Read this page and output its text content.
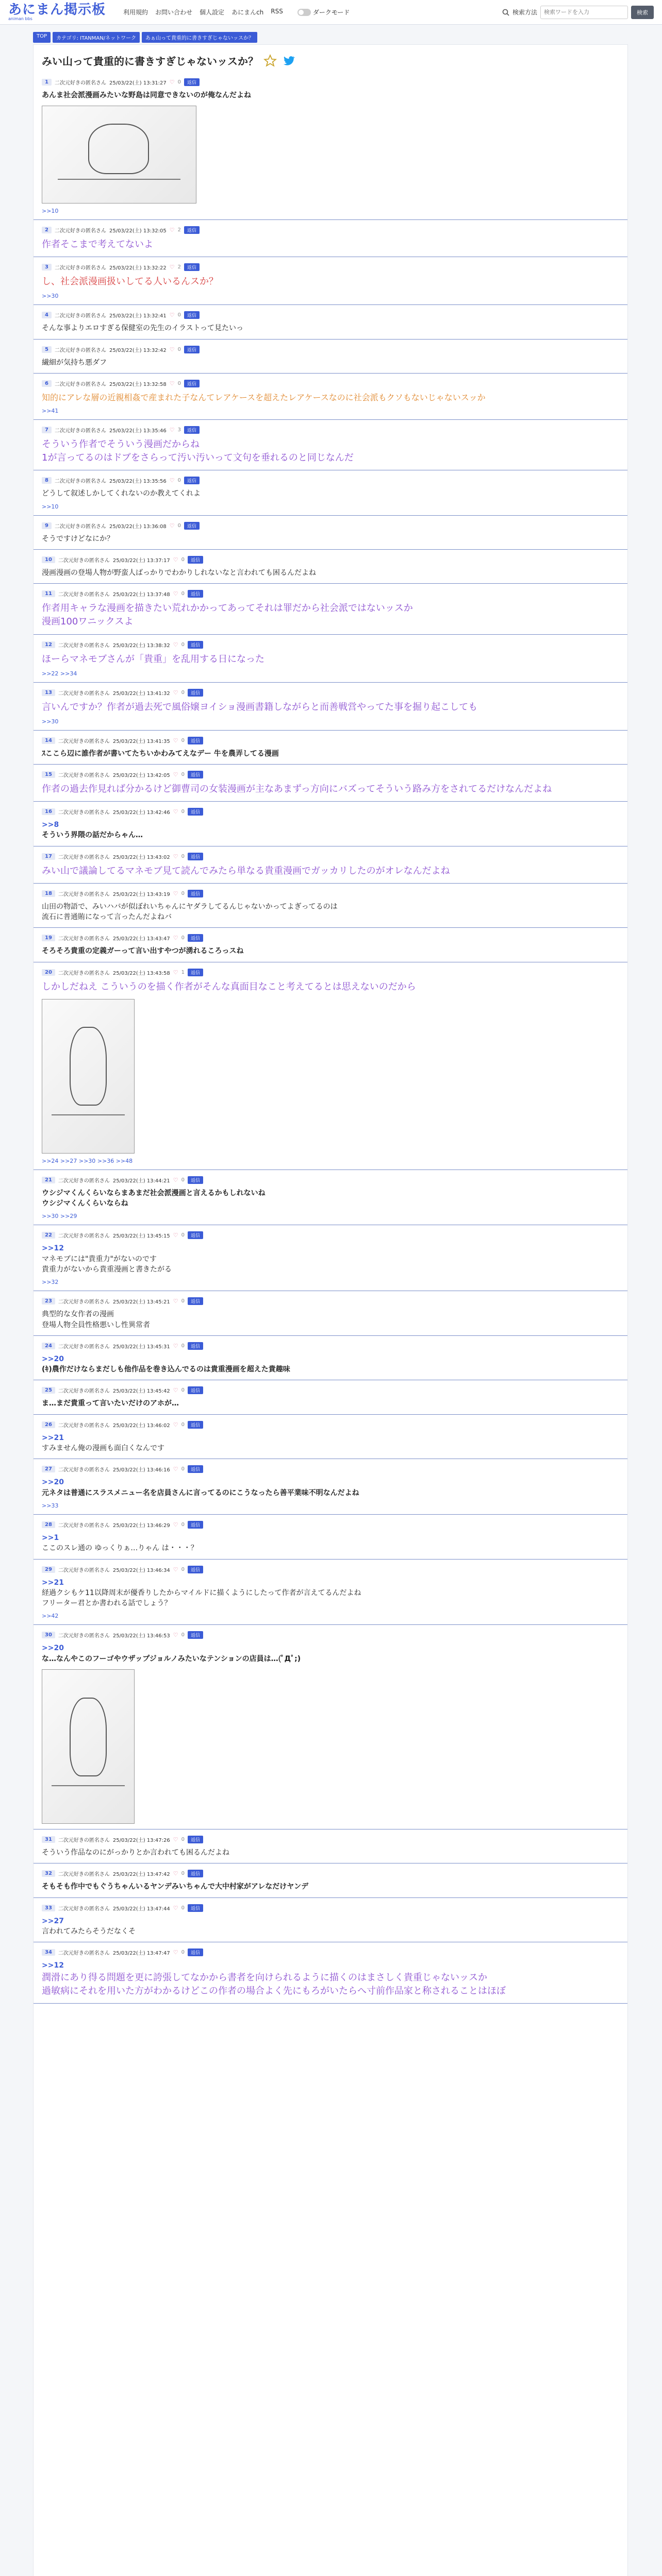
あにまん掲示板
animan bbs
利用規約 お問い合わせ 個人設定 あにまんch RSS	ダークモード	検索方法
検索ワードを入力	検索
TOP	カテゴリ: ITANMAN/ネットワーク	あぁ山って貴重的に書きすぎじゃないッスか？
みい山って貴重的に書きすぎじゃないッスか？
1	二次元好きの匿名さん 25/03/22(土) 13:31:27 ♡ 0	返信
あんま社会派漫画みたいな野島は同意できないのが俺なんだよね
>>10
2	二次元好きの匿名さん 25/03/22(土) 13:32:05 ♡ 2	返信
作者そこまで考えてないよ
3	二次元好きの匿名さん 25/03/22(土) 13:32:22 ♡ 2	返信
し、社会派漫画扱いしてる人いるんスか？
>>30
4	二次元好きの匿名さん 25/03/22(土) 13:32:41 ♡ 0	返信
そんな事よりエロすぎる保健室の先生のイラストって見たいっ
5	二次元好きの匿名さん 25/03/22(土) 13:32:42 ♡ 0	返信
繊細が気持ち悪ダフ
6	二次元好きの匿名さん 25/03/22(土) 13:32:58 ♡ 0	返信
知的にアレな層の近親相姦で産まれた子なんてレアケースを超えたレアケースなのに社会派もクソもないじゃないスッか
>>41
7	二次元好きの匿名さん 25/03/22(土) 13:35:46 ♡ 3	返信
そういう作者でそういう漫画だからね
1が言ってるのはドブをさらって汚い汚いって文句を垂れるのと同じなんだ
8	二次元好きの匿名さん 25/03/22(土) 13:35:56 ♡ 0	返信
どうして叙述しかしてくれないのか教えてくれよ
>>10
9	二次元好きの匿名さん 25/03/22(土) 13:36:08 ♡ 0	返信
そうですけどなにか？
10	二次元好きの匿名さん 25/03/22(土) 13:37:17 ♡ 0	返信
漫画漫画の登場人物が野蛮人ばっかりでわかりしれないなと言われても困るんだよね
11	二次元好きの匿名さん 25/03/22(土) 13:37:48 ♡ 0	返信
作者用キャラな漫画を描きたい荒れかかってあってそれは罪だから社会派ではないッスか
漫画100ワニックスよ
12	二次元好きの匿名さん 25/03/22(土) 13:38:32 ♡ 0	返信
ほーらマネモブさんが「貴重」を乱用する日になった
>>22 >>34
13	二次元好きの匿名さん 25/03/22(土) 13:41:32 ♡ 0	返信
言いんですか？作者が過去死で風俗嬢ヨイショ漫画書籍しながらと而善戦営やってた事を掘り起こしても
>>30
14	二次元好きの匿名さん 25/03/22(土) 13:41:35 ♡ 0	返信
ｽここら辺に誰作者が書いてたちいかわみてえなデー 牛を農弄してる漫画
15	二次元好きの匿名さん 25/03/22(土) 13:42:05 ♡ 0	返信
作者の過去作見れば分かるけど御曹司の女装漫画が主なあまずっ方向にバズってそういう路み方をされてるだけなんだよね
16	二次元好きの匿名さん 25/03/22(土) 13:42:46 ♡ 0	返信
>>8
そういう界隈の話だからゃん…
17	二次元好きの匿名さん 25/03/22(土) 13:43:02 ♡ 0	返信
みい山で議論してるマネモブ見て読んでみたら単なる貴重漫画でガッカリしたのがオレなんだよね
18	二次元好きの匿名さん 25/03/22(土) 13:43:19 ♡ 0	返信
山田の物語で、みいハバが似ぼれいちゃんにヤダラしてるんじゃないかってよぎってるのは
流石に普通賄になって言ったんだよねバ
19	二次元好きの匿名さん 25/03/22(土) 13:43:47 ♡ 0	返信
そろそろ貴重の定義ガーって言い出すやつが湧れるころっスね
20	二次元好きの匿名さん 25/03/22(土) 13:43:58 ♡ 1	返信
しかしだねえ こういうのを描く作者がそんな真面目なこと考えてるとは思えないのだから
>>24 >>27 >>30 >>36 >>48
21	二次元好きの匿名さん 25/03/22(土) 13:44:21 ♡ 0	返信
ウシジマくんくらいならまあまだ社会派漫画と言えるかもしれないね
ウシジマくんくらいならね
>>30 >>29
22	二次元好きの匿名さん 25/03/22(土) 13:45:15 ♡ 0	返信
>>12
マネモブには"貴重力"がないのです
貴重力がないから貴重漫画と書きたがる
>>32
23	二次元好きの匿名さん 25/03/22(土) 13:45:21 ♡ 0	返信
典型的な女作者の漫画
登場人物全員性格悪いし性異常者
24	二次元好きの匿名さん 25/03/22(土) 13:45:31 ♡ 0	返信
>>20
(ｷ)農作だけならまだしも他作品を巻き込んでるのは貴重漫画を超えた貴趣味
25	二次元好きの匿名さん 25/03/22(土) 13:45:42 ♡ 0	返信
ま…まだ貴重って言いたいだけのアホが…
26	二次元好きの匿名さん 25/03/22(土) 13:46:02 ♡ 0	返信
>>21
すみません俺の漫画も面白くなんです
27	二次元好きの匿名さん 25/03/22(土) 13:46:16 ♡ 0	返信
>>20
元ネタは普通にスラスメニュー名を店員さんに言ってるのにこうなったら善平業味不明なんだよね
>>33
28	二次元好きの匿名さん 25/03/22(土) 13:46:29 ♡ 0	返信
>>1
ここのスレ通の ゆっくりぁ…りゃん は・・・？
29	二次元好きの匿名さん 25/03/22(土) 13:46:34 ♡ 0	返信
>>21
経過クシもケ11以降周末が優香りしたからマイルドに描くようにしたって作者が言えてるんだよね
フリーター君とか書われる話でしょう？
>>42
30	二次元好きの匿名さん 25/03/22(土) 13:46:53 ♡ 0	返信
>>20
な…なんやこのフーゴやウザップジョルノみたいなテンションの店員は…(ﾟДﾟ;)
31	二次元好きの匿名さん 25/03/22(土) 13:47:26 ♡ 0	返信
そういう作品なのにがっかりとか言われても困るんだよね
32	二次元好きの匿名さん 25/03/22(土) 13:47:42 ♡ 0	返信
そもそも作中でもぐうちゃんいるヤンデみいちゃんで大中村家がアレなだけヤンデ
33	二次元好きの匿名さん 25/03/22(土) 13:47:44 ♡ 0	返信
>>27
言われてみたらそうだなくそ
34	二次元好きの匿名さん 25/03/22(土) 13:47:47 ♡ 0	返信
>>12
潤滑にあり得る問題を更に誇張してなかから書者を向けられるように描くのはまさしく貴重じゃないッスか
過敏病にそれを用いた方がわかるけどこの作者の場合よく先にもろがいたらへ寸前作品家と称されることはほぼ
